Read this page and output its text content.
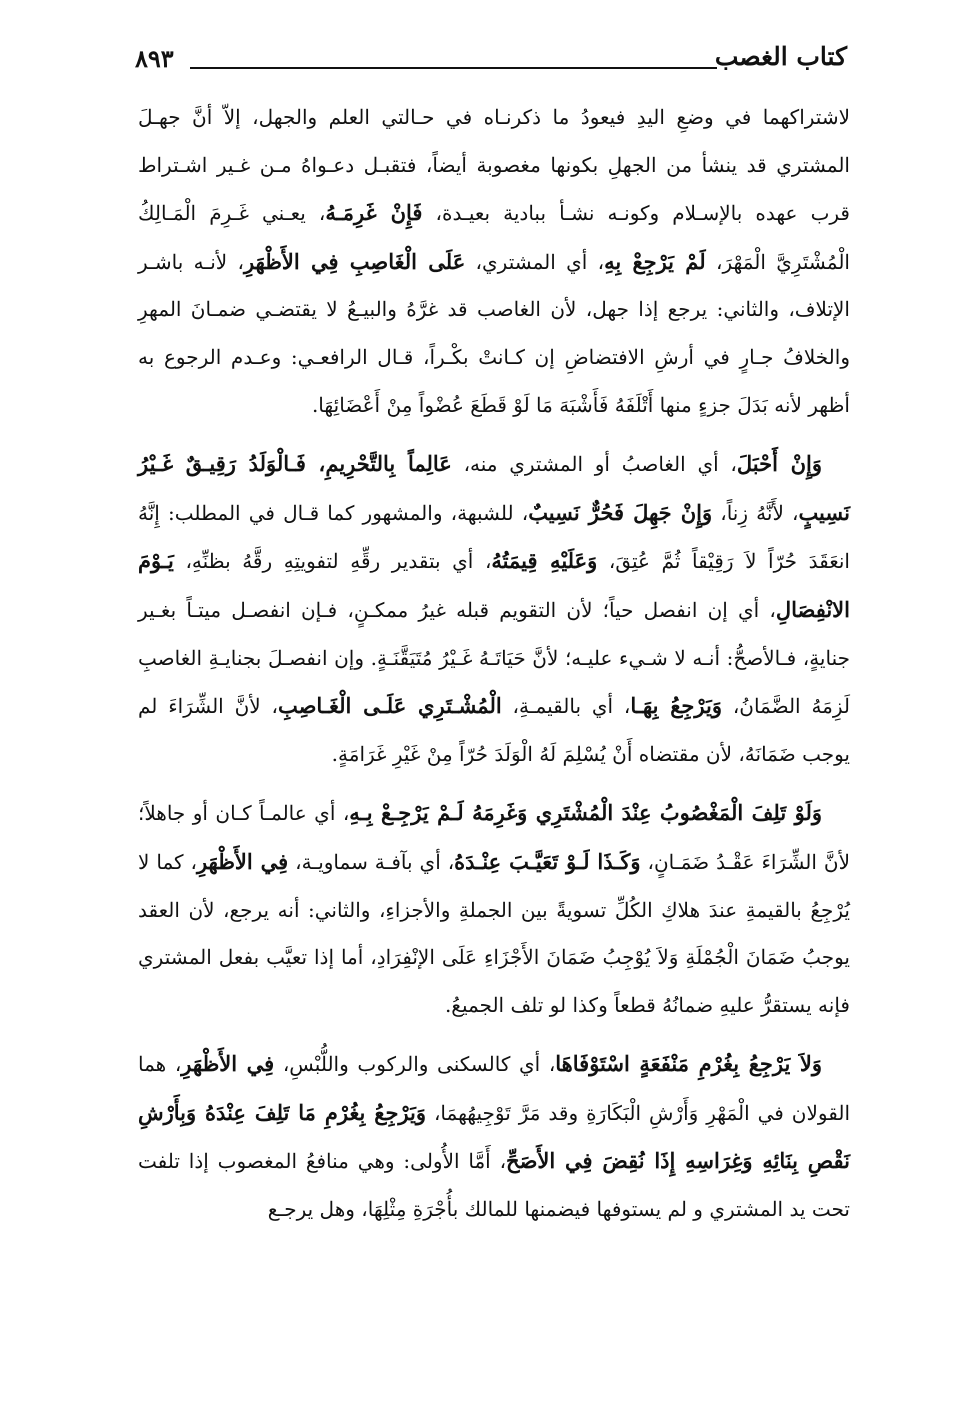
كتاب الغصب
٨٩٣

لاشتراكهما في وضعِ اليدِ فيعودُ ما ذكرنـاه في حـالتي العلم والجهل، إلاّ أنَّ جهـلَ المشتري قد ينشأ من الجهلِ بكونها مغصوبة أيضاً، فتقبـل دعـواهُ مـن غـير اشـتراط قرب عهده بالإسـلام وكونـه نشـأ ببادية بعيـدة، فَإِنْ غَرِمَـهُ، يعـني غَـرِمَ الْمَـالِكُ الْمُشْتَرِيَّ الْمَهْرَ، لَمْ يَرْجِعْ بِهِ، أي المشتري، عَلَى الْغَاصِبِ فِي الأَظْهَرِ، لأنـه باشـر الإتلاف، والثاني: يرجع إذا جهل، لأن الغاصب قد غرَّهُ والبيـعُ لا يقتضـي ضمـانَ المهرِ والخلافُ جـارٍ في أرشِ الافتضاضِ إن كـانتْ بكْـراً، قـال الرافعـي: وعـدم الرجوع به أظهر لأنه بَدَلَ جزءٍ منها أَتْلَفَهُ فَأَشْبَهَ مَا لَوْ قَطَعَ عُضْواً مِنْ أَعْضَائِهَا.

وَإِنْ أَحْبَلَ، أي الغاصبُ أو المشتري منه، عَالِماً بِالتَّحْرِيمِ، فَـالْوَلَدُ رَقِيـقٌ غَـيْرُ نَسِيبٍ، لأَنَّهُ زِناً، وَإِنْ جَهِلَ فَحُرٌّ نَسِيبٌ، للشبهة، والمشهور كما قـال في المطلب: إِنَّهُ انعَقَدَ حُرّاً لاَ رَقِيْقاً ثُمَّ عُتِقَ، وَعَلَيْهِ قِيمَتُهُ، أي بتقدير رقِّهِ لتفويتِهِ رقَّهُ بظنِّهِ، يَـوْمَ الانْفِصَالِ، أي إن انفصل حياً؛ لأن التقويم قبله غيرُ ممكـنٍ، فـإن انفصـل ميتـاً بغـير جنايةٍ، فـالأصحُّ: أنـه لا شـيء عليـه؛ لأنَّ حَيَاتَـهُ غَـيْرُ مُتَيَقَّنَـةٍ. وإن انفصـلَ بجنايـةِ الغاصبِ لَزِمَهُ الضَّمَانُ، وَيَرْجِعُ بِهَـا، أي بالقيمـةِ، الْمُشْـتَرِي عَلَـى الْغَـاصِبِ، لأنَّ الشِّرَاءَ لم يوجب ضَمَانَهُ، لأن مقتضاه أَنْ يُسْلِمَ لَهُ الْوَلَدَ حُرّاً مِنْ غَيْرِ غَرَامَةٍ.

وَلَوْ تَلِفَ الْمَغْصُوبُ عِنْدَ الْمُشْتَرِي وَغَرِمَهُ لَـمْ يَرْجِـعْ بِـهِ، أي عالمـاً كـان أو جاهلاً؛ لأنَّ الشِّرَاءَ عَقْـدُ ضَمَـانٍ، وَكَـذَا لَـوْ تَعَيَّـبَ عِنْـدَهُ، أي بآفـة سماويـة، فِي الأَظْهَرِ، كما لا يُرْجِعُ بالقيمةِ عندَ هلاكِ الكُلِّ تسويةً بين الجملةِ والأجزاءِ، والثاني: أنه يرجع، لأن العقد يوجبُ ضَمَانَ الْجُمْلَةِ وَلاَ يُوْجِبُ ضَمَانَ الأَجْزَاءِ عَلَى الإنْفِرَادِ، أما إذا تعيَّب بفعل المشتري فإنه يستقرُّ عليهِ ضمانُهُ قطعاً وكذا لو تلف الجميعُ.

وَلاَ يَرْجِعُ بِغُرْمِ مَنْفَعَةٍ اسْتَوْفَاهَا، أي كالسكنى والركوب واللُّبْسِ، فِي الأَظْهَرِ، هما القولان في الْمَهْرِ وَأَرْشِ الْبَكَارَةِ وقد مَرَّ تَوْجِيهُهمَا، وَيَرْجِعُ بِغُرْمِ مَا تَلِفَ عِنْدَهُ وَبِأَرْشِ نَقْصِ بِنَائِهِ وَغِرَاسِهِ إِذَا نُقِضَ فِي الأَصَحِّ، أَمَّا الأُولى: وهي منافعُ المغصوب إذا تلفت تحت يد المشتري و لم يستوفها فيضمنها للمالك بأُجْرَةِ مِثْلِهَا، وهل يرجـع
